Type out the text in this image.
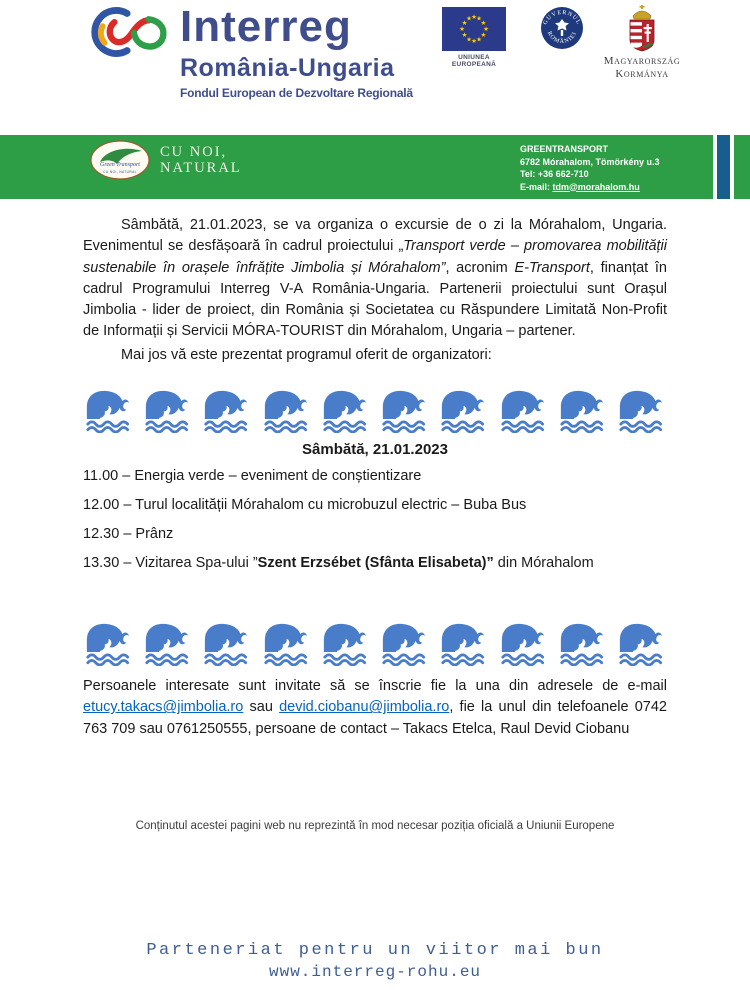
Interreg
România-Ungaria
Fondul European de Dezvoltare Regională
★
★
★
★
★
★
★
★
★ ★ ★
★
UNIUNEA EUROPEANĂ
GUVERNUL
ROMÂNIEI
Magyarország
Kormánya
Green Transport
CU NOI, NATURAL
CU NOI,
NATURAL
GREENTRANSPORT
6782 Mórahalom, Tömörkény u.3
Tel: +36 662-710
E-mail: tdm@morahalom.hu
Sâmbătă, 21.01.2023, se va organiza o excursie de o zi la Mórahalom, Ungaria. Evenimentul se desfășoară în cadrul proiectului „Transport verde – promovarea mobilității sustenabile în orașele înfrățite Jimbolia și Mórahalom”, acronim E-Transport, finanțat în cadrul Programului Interreg V-A România-Ungaria. Partenerii proiectului sunt Orașul Jimbolia - lider de proiect, din România și Societatea cu Răspundere Limitată Non-Profit de Informații și Servicii MÓRA-TOURIST din Mórahalom, Ungaria – partener.
Mai jos vă este prezentat programul oferit de organizatori:
Sâmbătă, 21.01.2023
11.00 – Energia verde – eveniment de conștientizare
12.00 – Turul localității Mórahalom cu microbuzul electric – Buba Bus
12.30 – Prânz
13.30 – Vizitarea Spa-ului ”Szent Erzsébet (Sfânta Elisabeta)” din Mórahalom
Persoanele interesate sunt invitate să se înscrie fie la una din adresele de e-mail etucy.takacs@jimbolia.ro sau devid.ciobanu@jimbolia.ro, fie la unul din telefoanele 0742 763 709 sau 0761250555, persoane de contact – Takacs Etelca, Raul Devid Ciobanu
Conținutul acestei pagini web nu reprezintă în mod necesar poziția oficială a Uniunii Europene
Parteneriat pentru un viitor mai bun
www.interreg-rohu.eu
